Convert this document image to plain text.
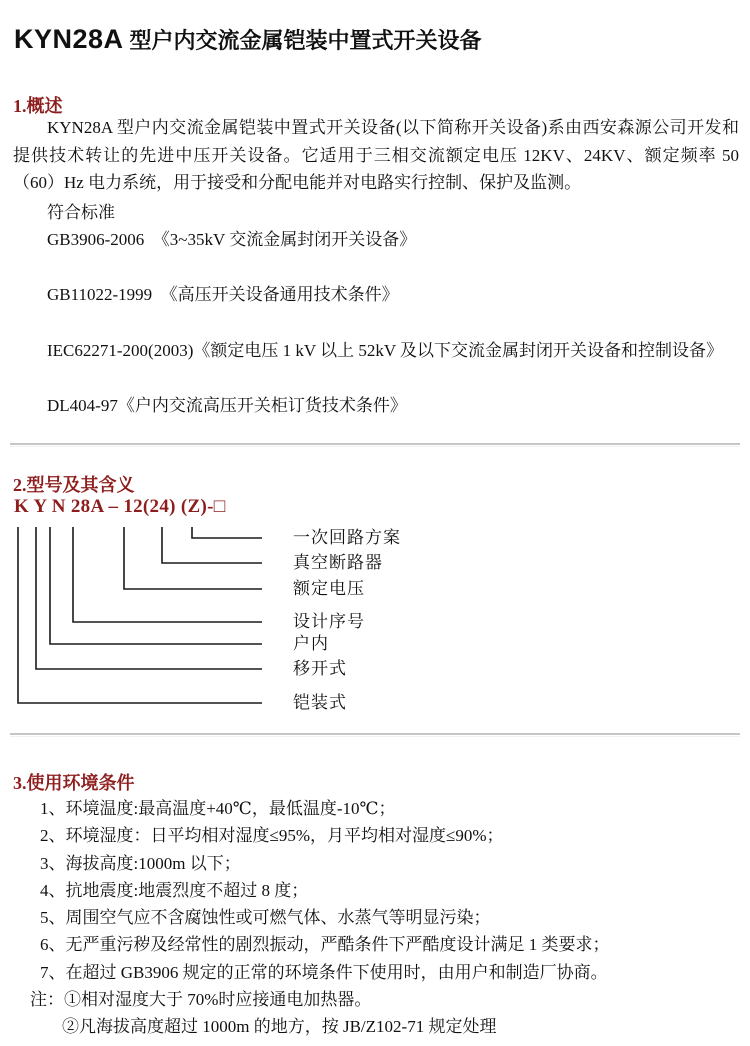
KYN28A 型户内交流金属铠装中置式开关设备
1.概述
KYN28A 型户内交流金属铠装中置式开关设备(以下简称开关设备)系由西安森源公司开发和提供技术转让的先进中压开关设备。它适用于三相交流额定电压 12KV、24KV、额定频率 50（60）Hz 电力系统，用于接受和分配电能并对电路实行控制、保护及监测。
符合标准
GB3906-2006  《3~35kV 交流金属封闭开关设备》
GB11022-1999  《高压开关设备通用技术条件》
IEC62271-200(2003)《额定电压 1 kV 以上 52kV 及以下交流金属封闭开关设备和控制设备》
DL404-97《户内交流高压开关柜订货技术条件》
2.型号及其含义
K Y N 28A – 12(24) (Z)-□
一次回路方案
真空断路器
额定电压
设计序号
户内
移开式
铠装式
3.使用环境条件
1、环境温度:最高温度+40℃，最低温度-10℃；
2、环境湿度：日平均相对湿度≤95%，月平均相对湿度≤90%；
3、海拔高度:1000m 以下；
4、抗地震度:地震烈度不超过 8 度；
5、周围空气应不含腐蚀性或可燃气体、水蒸气等明显污染；
6、无严重污秽及经常性的剧烈振动，严酷条件下严酷度设计满足 1 类要求；
7、在超过 GB3906 规定的正常的环境条件下使用时，由用户和制造厂协商。
注：①相对湿度大于 70%时应接通电加热器。
②凡海拔高度超过 1000m 的地方，按 JB/Z102-71 规定处理
